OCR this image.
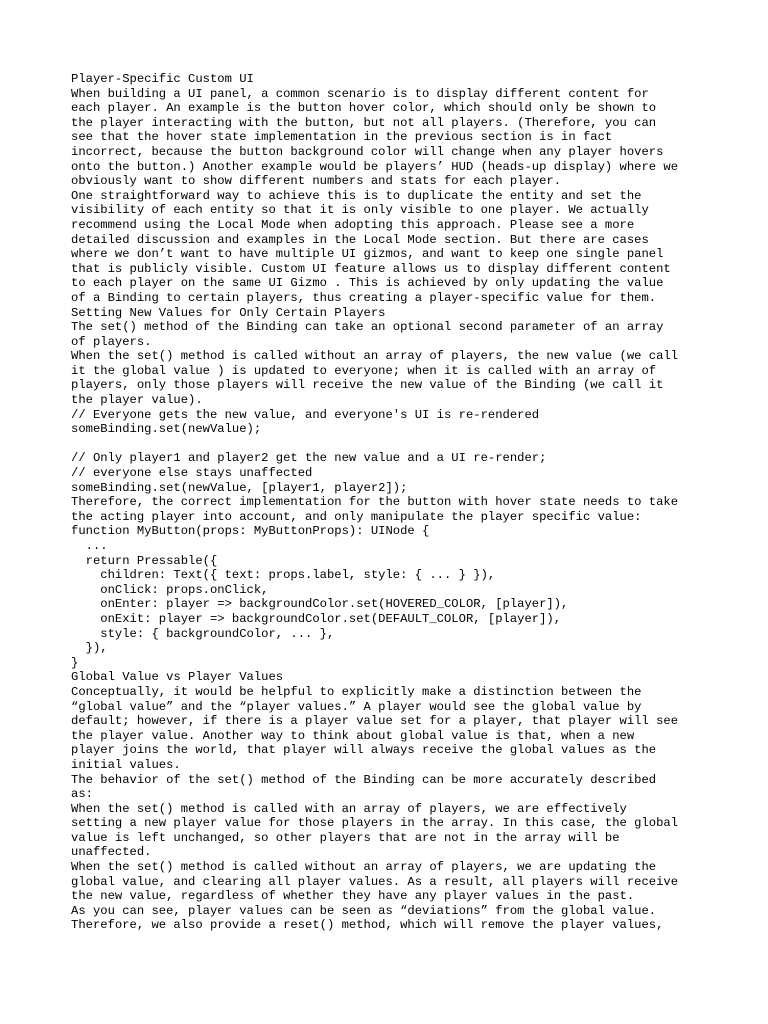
Player-Specific Custom UI
When building a UI panel, a common scenario is to display different content for
each player. An example is the button hover color, which should only be shown to
the player interacting with the button, but not all players. (Therefore, you can
see that the hover state implementation in the previous section is in fact
incorrect, because the button background color will change when any player hovers
onto the button.) Another example would be players’ HUD (heads-up display) where we
obviously want to show different numbers and stats for each player.
One straightforward way to achieve this is to duplicate the entity and set the
visibility of each entity so that it is only visible to one player. We actually
recommend using the Local Mode when adopting this approach. Please see a more
detailed discussion and examples in the Local Mode section. But there are cases
where we don’t want to have multiple UI gizmos, and want to keep one single panel
that is publicly visible. Custom UI feature allows us to display different content
to each player on the same UI Gizmo . This is achieved by only updating the value
of a Binding to certain players, thus creating a player-specific value for them.
Setting New Values for Only Certain Players
The set() method of the Binding can take an optional second parameter of an array
of players.
When the set() method is called without an array of players, the new value (we call
it the global value ) is updated to everyone; when it is called with an array of
players, only those players will receive the new value of the Binding (we call it
the player value).
// Everyone gets the new value, and everyone's UI is re-rendered
someBinding.set(newValue);
// Only player1 and player2 get the new value and a UI re-render;
// everyone else stays unaffected
someBinding.set(newValue, [player1, player2]);
Therefore, the correct implementation for the button with hover state needs to take
the acting player into account, and only manipulate the player specific value:
function MyButton(props: MyButtonProps): UINode {
...
return Pressable({
children: Text({ text: props.label, style: { ... } }),
onClick: props.onClick,
onEnter: player => backgroundColor.set(HOVERED_COLOR, [player]),
onExit: player => backgroundColor.set(DEFAULT_COLOR, [player]),
style: { backgroundColor, ... },
}),
}
Global Value vs Player Values
Conceptually, it would be helpful to explicitly make a distinction between the
“global value” and the “player values.” A player would see the global value by
default; however, if there is a player value set for a player, that player will see
the player value. Another way to think about global value is that, when a new
player joins the world, that player will always receive the global values as the
initial values.
The behavior of the set() method of the Binding can be more accurately described
as:
When the set() method is called with an array of players, we are effectively
setting a new player value for those players in the array. In this case, the global
value is left unchanged, so other players that are not in the array will be
unaffected.
When the set() method is called without an array of players, we are updating the
global value, and clearing all player values. As a result, all players will receive
the new value, regardless of whether they have any player values in the past.
As you can see, player values can be seen as “deviations” from the global value.
Therefore, we also provide a reset() method, which will remove the player values,
